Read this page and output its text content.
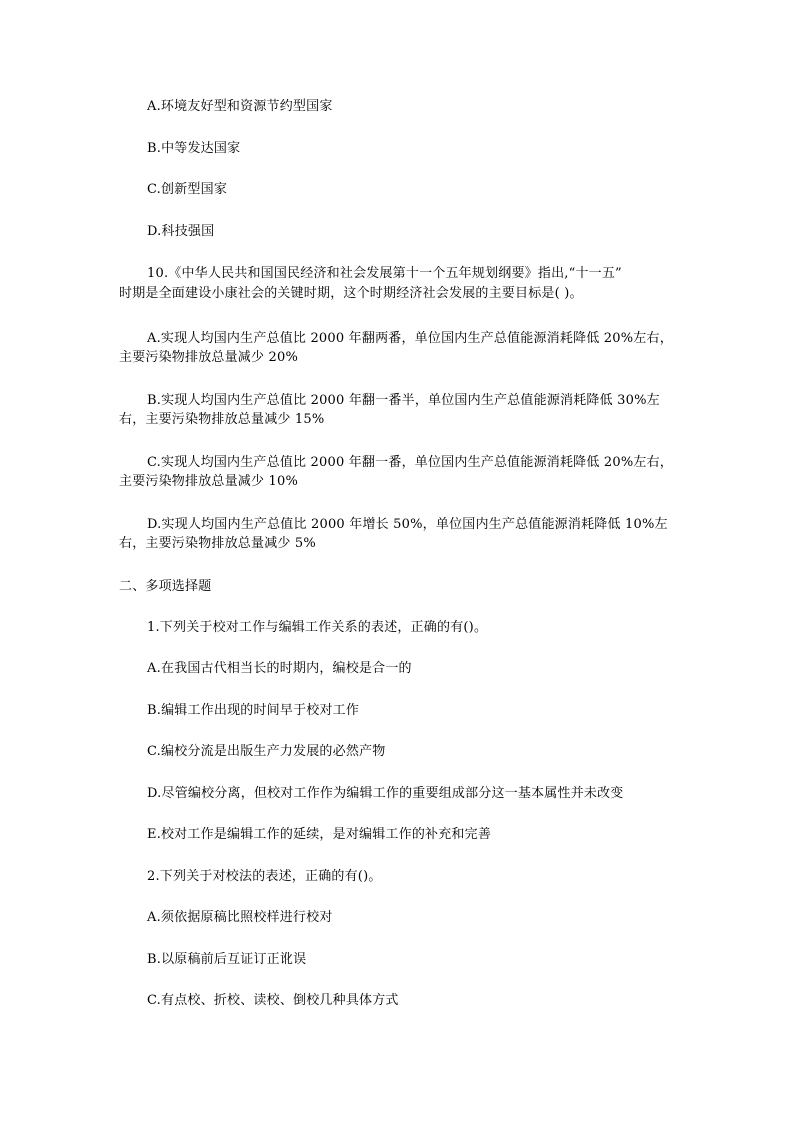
A.环境友好型和资源节约型国家
B.中等发达国家
C.创新型国家
D.科技强国
10.《中华人民共和国国民经济和社会发展第十一个五年规划纲要》指出,“十一五”
时期是全面建设小康社会的关键时期，这个时期经济社会发展的主要目标是( )。
A.实现人均国内生产总值比 2000 年翻两番，单位国内生产总值能源消耗降低 20%左右，
主要污染物排放总量减少 20%
B.实现人均国内生产总值比 2000 年翻一番半，单位国内生产总值能源消耗降低 30%左
右，主要污染物排放总量减少 15%
C.实现人均国内生产总值比 2000 年翻一番，单位国内生产总值能源消耗降低 20%左右，
主要污染物排放总量减少 10%
D.实现人均国内生产总值比 2000 年增长 50%，单位国内生产总值能源消耗降低 10%左
右，主要污染物排放总量减少 5%
二、多项选择题
1.下列关于校对工作与编辑工作关系的表述，正确的有()。
A.在我国古代相当长的时期内，编校是合一的
B.编辑工作出现的时间早于校对工作
C.编校分流是出版生产力发展的必然产物
D.尽管编校分离，但校对工作作为编辑工作的重要组成部分这一基本属性并未改变
E.校对工作是编辑工作的延续，是对编辑工作的补充和完善
2.下列关于对校法的表述，正确的有()。
A.须依据原稿比照校样进行校对
B.以原稿前后互证订正讹误
C.有点校、折校、读校、倒校几种具体方式
